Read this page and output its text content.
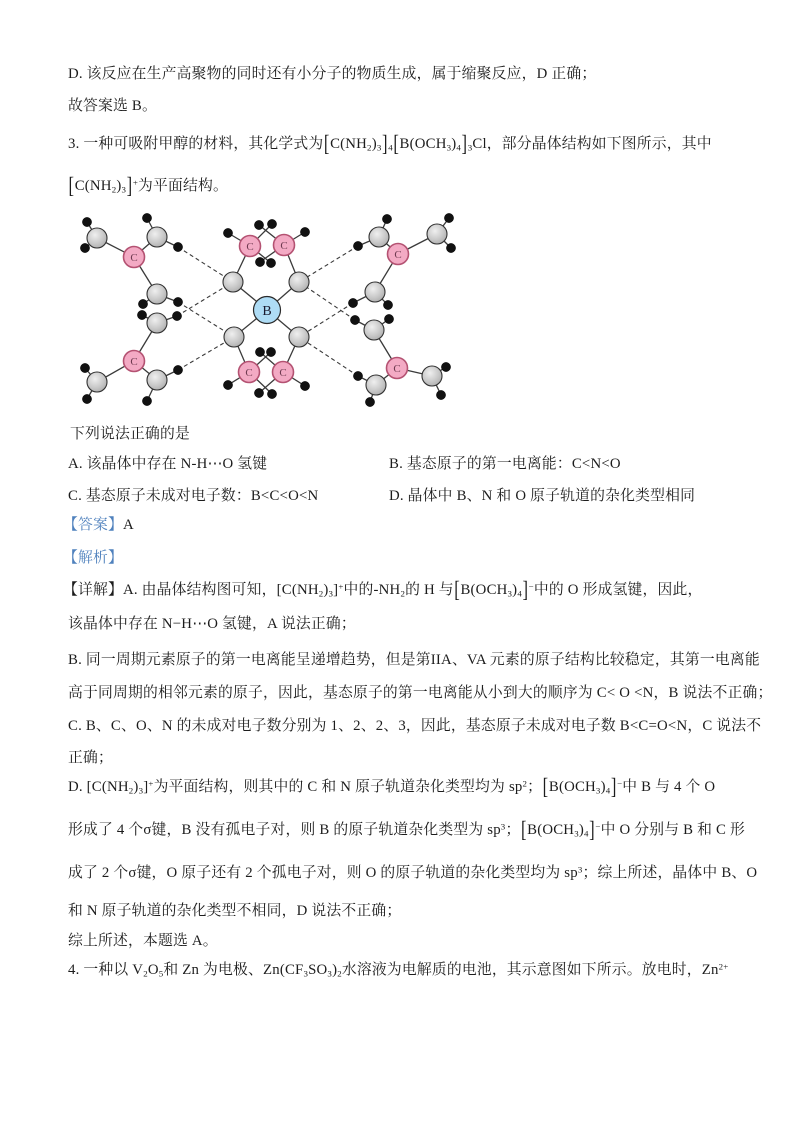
D. 该反应在生产高聚物的同时还有小分子的物质生成，属于缩聚反应，D 正确；
故答案选 B。
3. 一种可吸附甲醇的材料，其化学式为$[C(NH_2)_3]_4[B(OCH_3)_4]_3Cl$，部分晶体结构如下图所示，其中
$[C(NH_2)_3]^+$为平面结构。
B
C C
C C
C
C
C
C
下列说法正确的是
A. 该晶体中存在 N-H⋯O 氢键	B. 基态原子的第一电离能：C<N<O
C. 基态原子未成对电子数：B<C<O<N	D. 晶体中 B、N 和 O 原子轨道的杂化类型相同
【答案】A
【解析】
【详解】A. 由晶体结构图可知，$[C(NH_2)_3]^+$中的$-NH_2$的 H 与$[B(OCH_3)_4]^-$中的 O 形成氢键，因此，
该晶体中存在 N−H⋯O 氢键，A 说法正确；
B. 同一周期元素原子的第一电离能呈递增趋势，但是第IIA、VA 元素的原子结构比较稳定，其第一电离能
高于同周期的相邻元素的原子，因此，基态原子的第一电离能从小到大的顺序为 C< O <N，B 说法不正确；
C. B、C、O、N 的未成对电子数分别为 1、2、2、3，因此，基态原子未成对电子数 B<C=O<N，C 说法不
正确；
D. $[C(NH_2)_3]^+$为平面结构，则其中的 C 和 N 原子轨道杂化类型均为 $sp^2$；$[B(OCH_3)_4]^-$中 B 与 4 个 O
形成了 4 个σ键，B 没有孤电子对，则 B 的原子轨道杂化类型为 $sp^3$；$[B(OCH_3)_4]^-$中 O 分别与 B 和 C 形
成了 2 个σ键，O 原子还有 2 个孤电子对，则 O 的原子轨道的杂化类型均为 $sp^3$；综上所述，晶体中 B、O
和 N 原子轨道的杂化类型不相同，D 说法不正确；
综上所述，本题选 A。
4. 一种以 $V_2O_5$和 Zn 为电极、$Zn(CF_3SO_3)_2$水溶液为电解质的电池，其示意图如下所示。放电时，$Zn^{2+}$
